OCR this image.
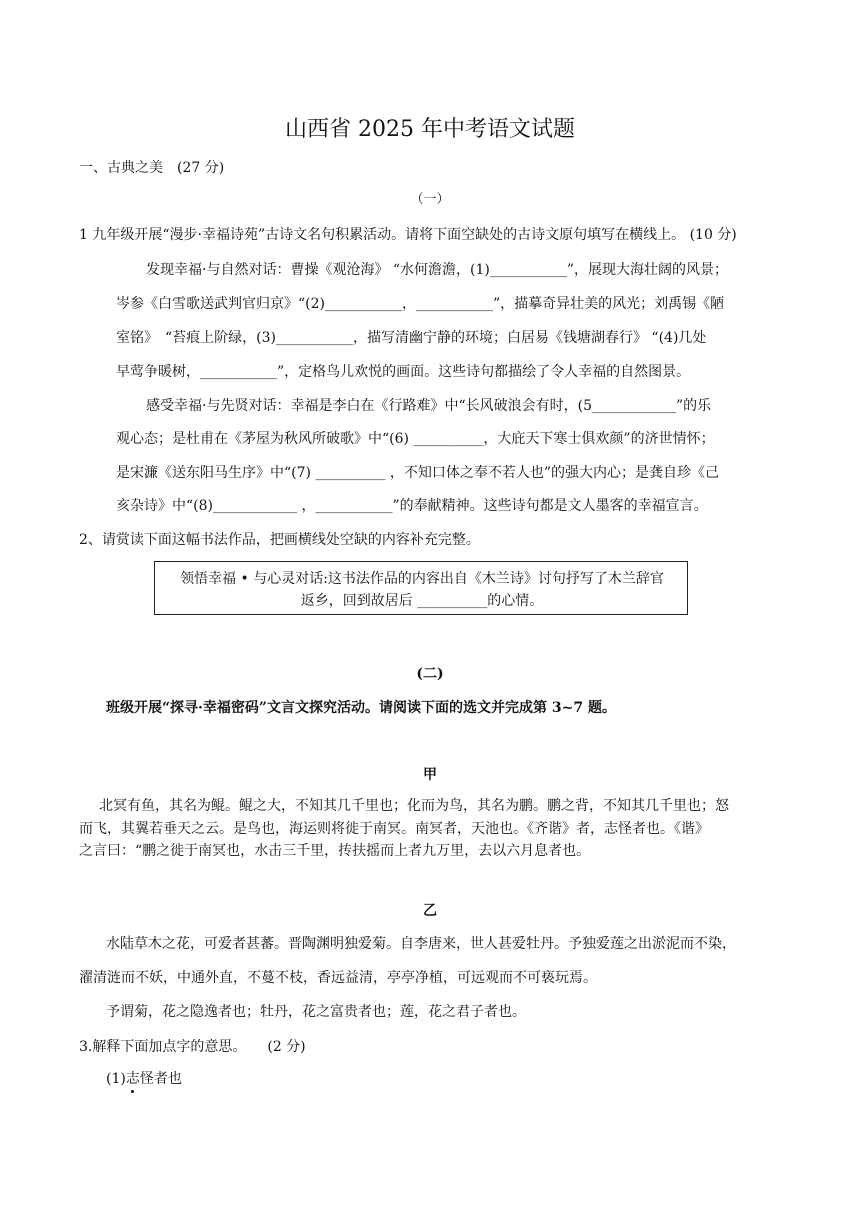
山西省 2025 年中考语文试题
一、古典之美　(27 分)
（一）
1 九年级开展“漫步·幸福诗苑”古诗文名句积累活动。请将下面空缺处的古诗文原句填写在横线上。 (10 分)
发现幸福·与自然对话：曹操《观沧海》 “水何澹澹，(1)___________”，展现大海壮阔的风景；
岑参《白雪歌送武判官归京》“(2)___________，___________”，描摹奇异壮美的风光；刘禹锡《陋
室铭》　“苔痕上阶绿，(3)___________，描写清幽宁静的环境；白居易《钱塘湖春行》 “(4)几处
早莺争暖树，___________”，定格鸟儿欢悦的画面。这些诗句都描绘了令人幸福的自然图景。
感受幸福·与先贤对话：幸福是李白在《行路难》中“长风破浪会有时，(5____________”的乐
观心态；是杜甫在《茅屋为秋风所破歌》中“(6) __________，大庇天下寒士俱欢颜”的济世情怀；
是宋濂《送东阳马生序》中“(7) __________ ，不知口体之奉不若人也”的强大内心；是龚自珍《己
亥杂诗》中“(8)____________ ，___________”的奉献精神。这些诗句都是文人墨客的幸福宣言。
2、请赏读下面这幅书法作品，把画横线处空缺的内容补充完整。
领悟幸福 • 与心灵对话:这书法作品的内容出自《木兰诗》讨句抒写了木兰辞官
返乡，回到故居后 __________的心情。
(二)
班级开展“探寻·幸福密码”文言文探究活动。请阅读下面的选文并完成第 3~7 题。
甲
北冥有鱼，其名为鲲。鲲之大，不知其几千里也；化而为鸟，其名为鹏。鹏之背，不知其几千里也；怒
而飞，其翼若垂天之云。是鸟也，海运则将徙于南冥。南冥者，天池也。《齐谐》者，志怪者也。《谐》
之言曰：“鹏之徙于南冥也，水击三千里，抟扶摇而上者九万里，去以六月息者也。
乙
水陆草木之花，可爱者甚蕃。晋陶渊明独爱菊。自李唐来，世人甚爱牡丹。予独爱莲之出淤泥而不染，
濯清涟而不妖，中通外直，不蔓不枝，香远益清，亭亭净植，可远观而不可亵玩焉。
予谓菊，花之隐逸者也；牡丹，花之富贵者也；莲，花之君子者也。
3.解释下面加点字的意思。　　(2 分)
(1)志怪者也
